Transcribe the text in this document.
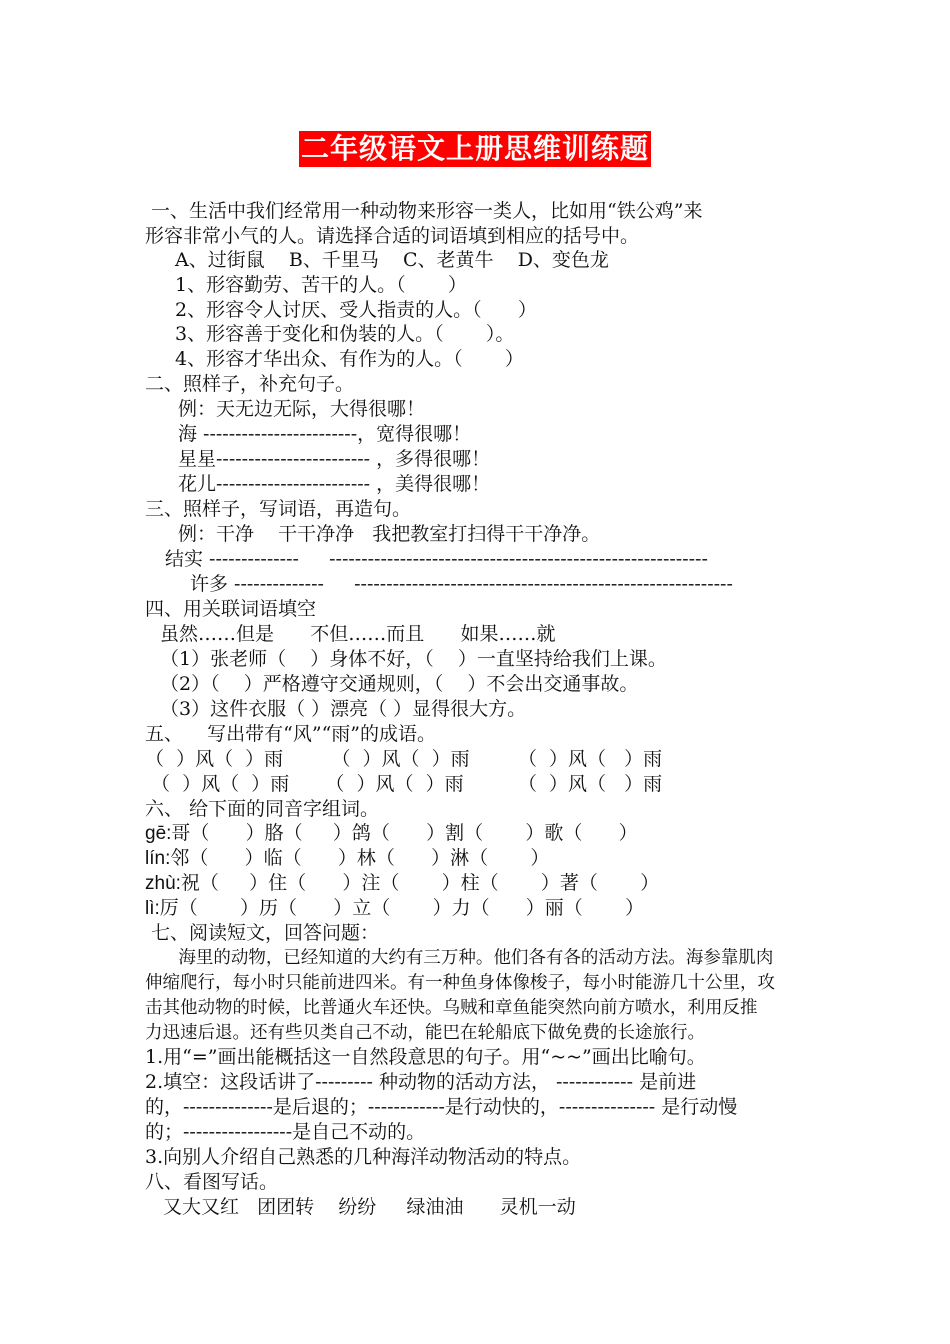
二年级语文上册思维训练题
一、生活中我们经常用一种动物来形容一类人，比如用“铁公鸡”来
形容非常小气的人。请选择合适的词语填到相应的括号中。
A、过街鼠    B、千里马    C、老黄牛    D、变色龙
1、形容勤劳、苦干的人。（       ）
2、形容令人讨厌、受人指责的人。（      ）
3、形容善于变化和伪装的人。（       ）。
4、形容才华出众、有作为的人。（       ）
二、照样子，补充句子。
例：天无边无际，大得很哪！
海 ------------------------，宽得很哪！
星星------------------------ ，多得很哪！
花儿------------------------ ，美得很哪！
三、照样子，写词语，再造句。
例：干净    干干净净   我把教室打扫得干干净净。
结实 --------------     -----------------------------------------------------------
许多 --------------     -----------------------------------------------------------
四、用关联词语填空
虽然……但是      不但……而且      如果……就
（1）张老师（    ）身体不好，（    ）一直坚持给我们上课。
（2）（    ）严格遵守交通规则，（    ）不会出交通事故。
（3）这件衣服（ ）漂亮（ ）显得很大方。
五、    写出带有“风”“雨”的成语。
（  ）风（  ）雨        （  ）风（  ）雨        （  ）风（   ）雨
（  ）风（  ）雨      （  ）风（  ）雨         （  ）风（   ）雨
六、 给下面的同音字组词。
gē:哥（      ）胳（     ）鸽（      ）割（       ）歌（      ）
lín:邻（      ）临（      ）林（      ）淋（       ）
zhù:祝（     ）住（      ）注（       ）柱（       ）著（       ）
lì:厉（       ）历（      ）立（       ）力（      ）丽（       ）
七、阅读短文，回答问题：
海里的动物，已经知道的大约有三万种。他们各有各的活动方法。海参靠肌肉
伸缩爬行，每小时只能前进四米。有一种鱼身体像梭子，每小时能游几十公里，攻
击其他动物的时候，比普通火车还快。乌贼和章鱼能突然向前方喷水，利用反推
力迅速后退。还有些贝类自己不动，能巴在轮船底下做免费的长途旅行。
1.用“=”画出能概括这一自然段意思的句子。用“~~”画出比喻句。
2.填空：这段话讲了--------- 种动物的活动方法， ------------ 是前进
的，--------------是后退的；------------是行动快的，--------------- 是行动慢
的；-----------------是自己不动的。
3.向别人介绍自己熟悉的几种海洋动物活动的特点。
八、看图写话。
又大又红   团团转    纷纷     绿油油      灵机一动
